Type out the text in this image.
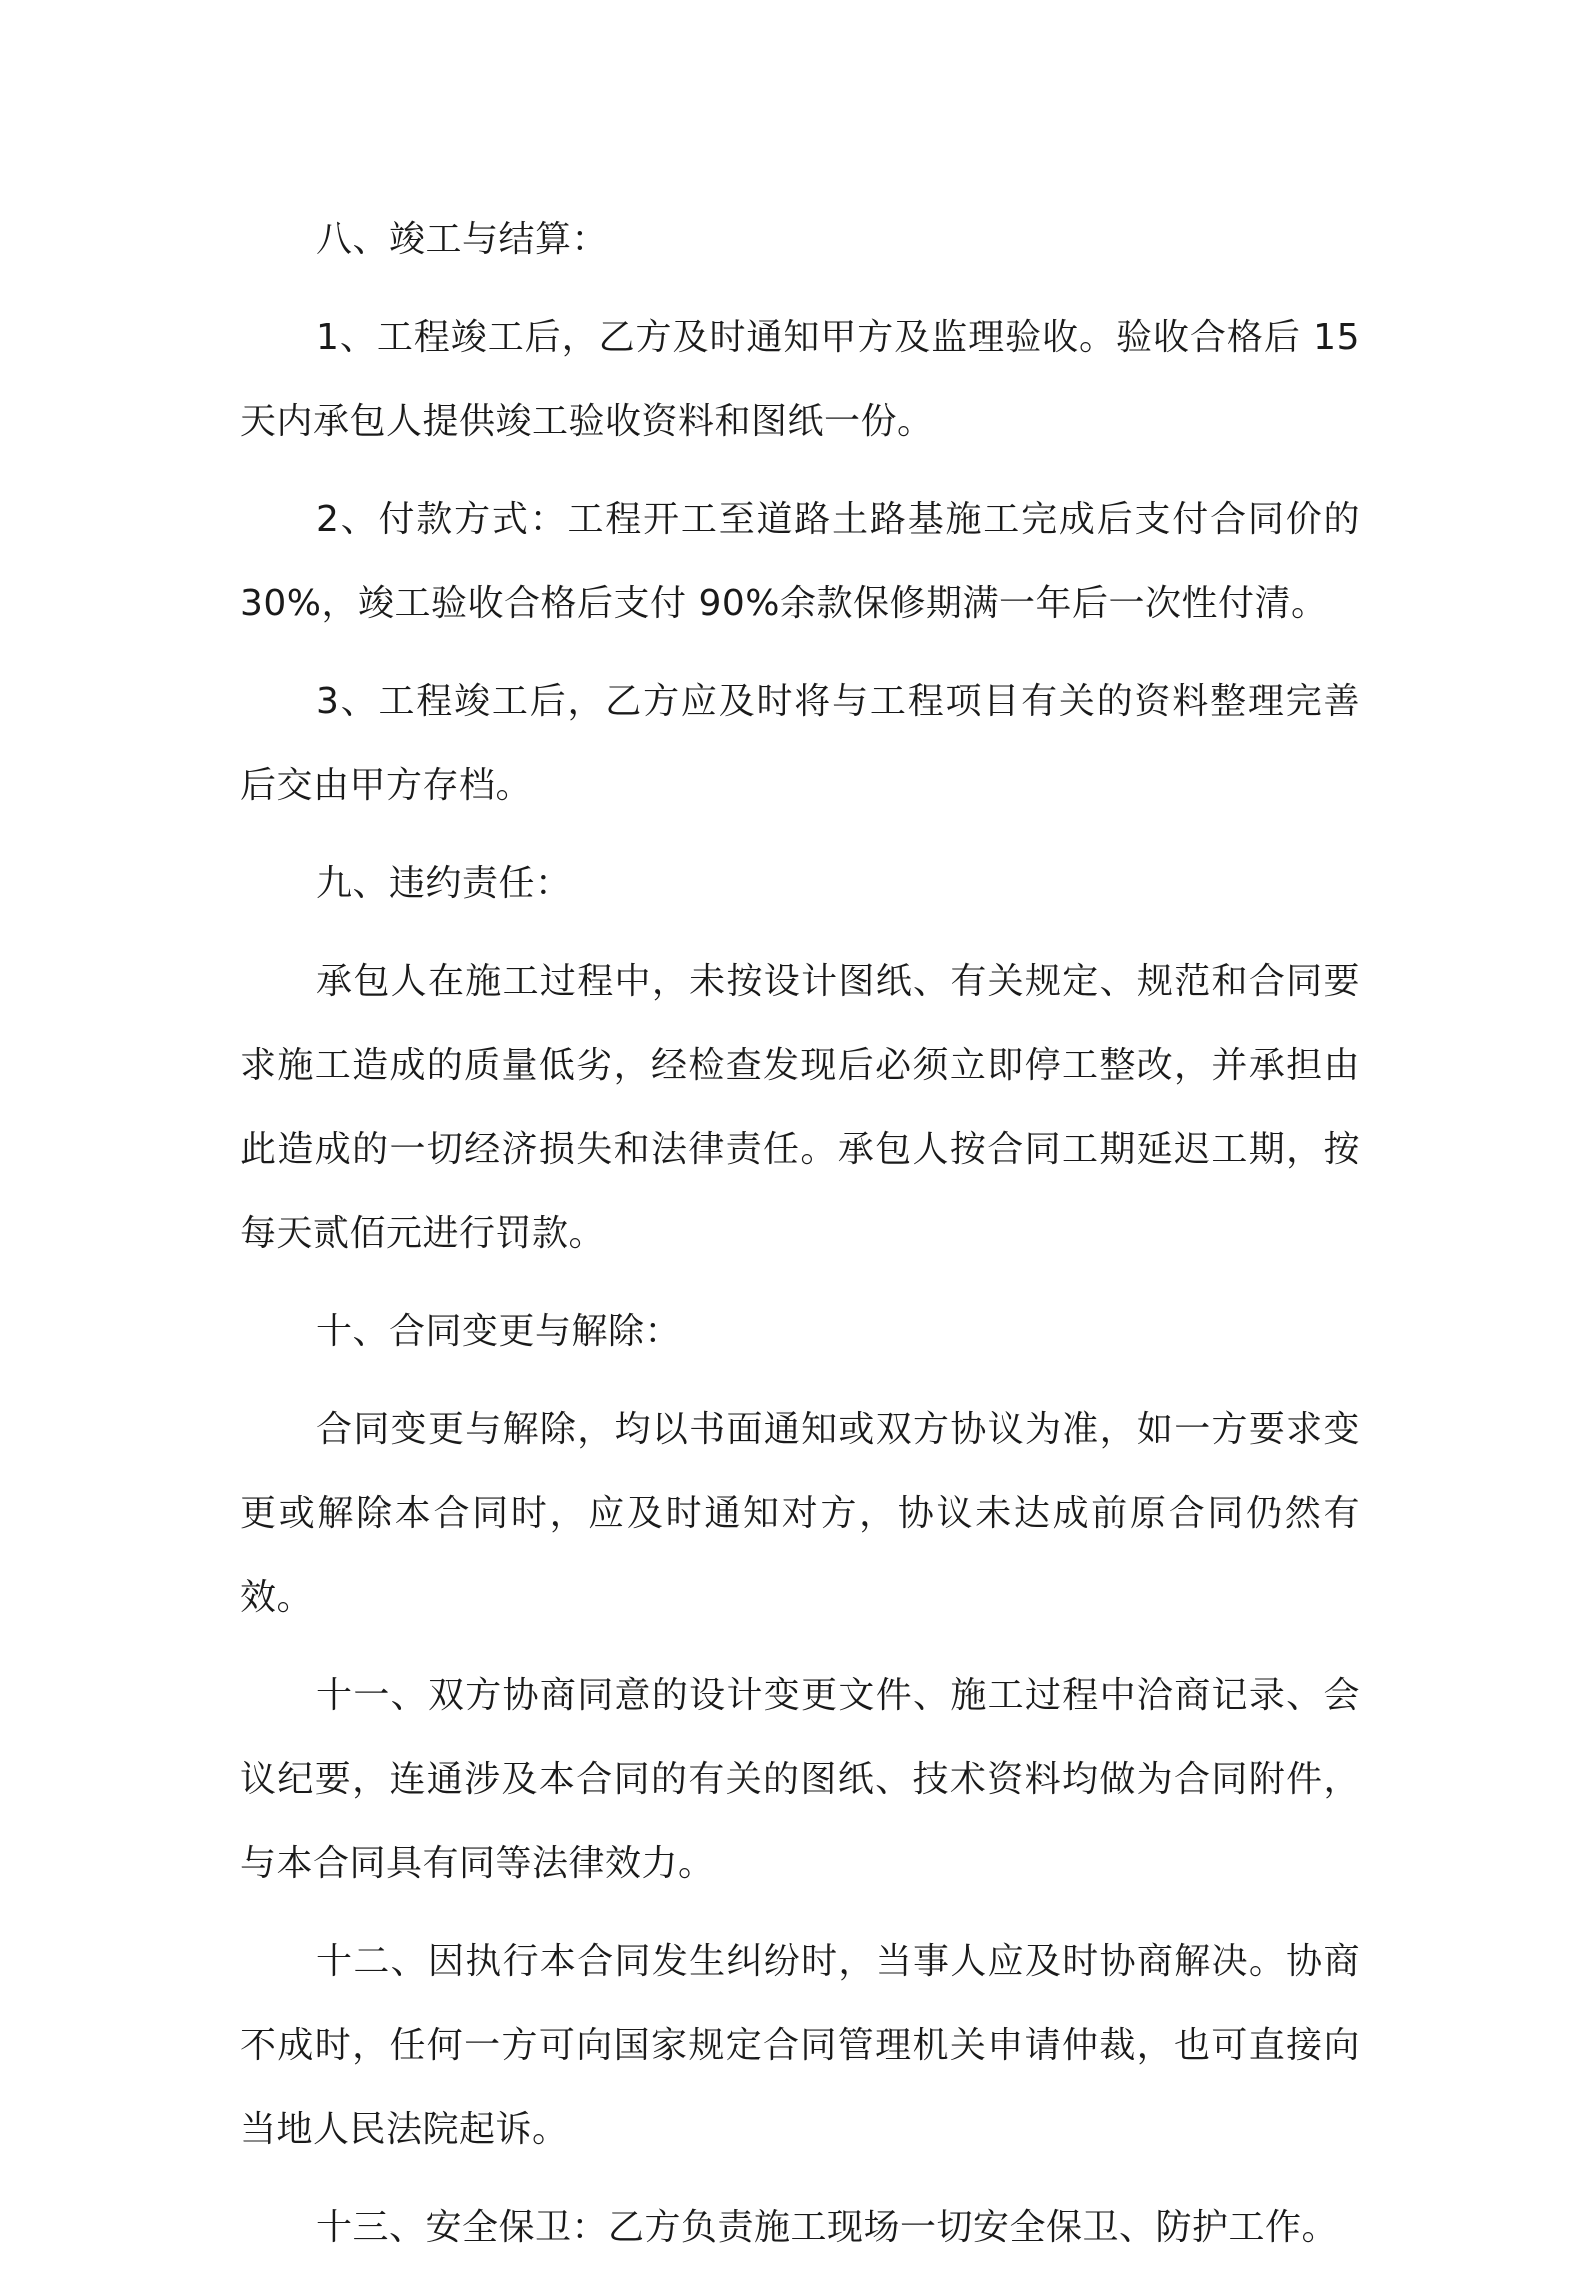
八、竣工与结算：

1、工程竣工后，乙方及时通知甲方及监理验收。验收合格后 15 天内承包人提供竣工验收资料和图纸一份。

2、付款方式：工程开工至道路土路基施工完成后支付合同价的 30%，竣工验收合格后支付 90%余款保修期满一年后一次性付清。

3、工程竣工后，乙方应及时将与工程项目有关的资料整理完善后交由甲方存档。

九、违约责任：

承包人在施工过程中，未按设计图纸、有关规定、规范和合同要求施工造成的质量低劣，经检查发现后必须立即停工整改，并承担由此造成的一切经济损失和法律责任。承包人按合同工期延迟工期，按每天贰佰元进行罚款。

十、合同变更与解除：

合同变更与解除，均以书面通知或双方协议为准，如一方要求变更或解除本合同时，应及时通知对方，协议未达成前原合同仍然有效。

十一、双方协商同意的设计变更文件、施工过程中洽商记录、会议纪要，连通涉及本合同的有关的图纸、技术资料均做为合同附件，与本合同具有同等法律效力。

十二、因执行本合同发生纠纷时，当事人应及时协商解决。协商不成时，任何一方可向国家规定合同管理机关申请仲裁，也可直接向当地人民法院起诉。

十三、安全保卫：乙方负责施工现场一切安全保卫、防护工作。
